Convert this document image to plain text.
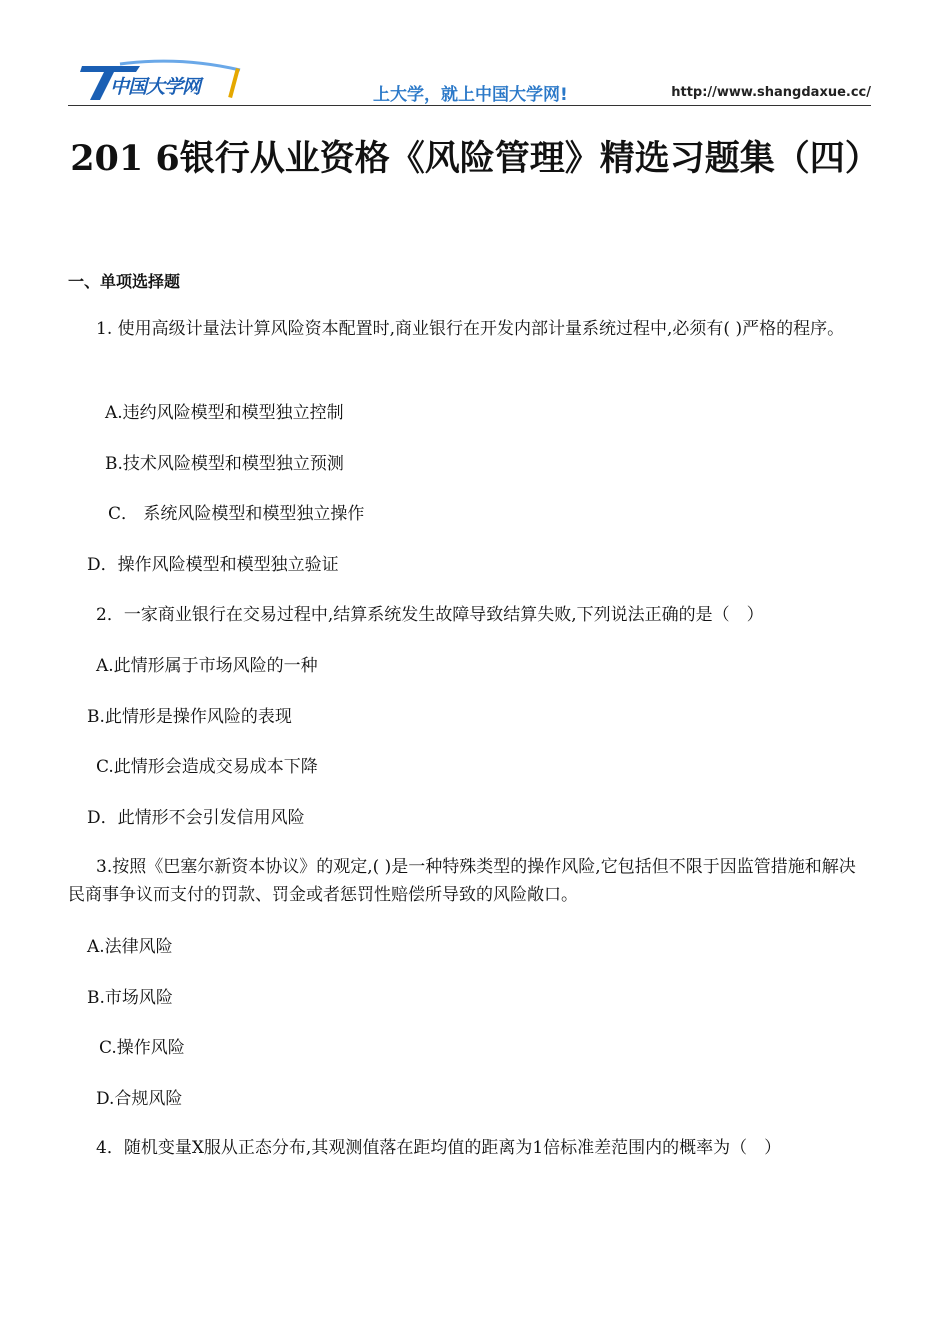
中国大学网	上大学，就上中国大学网!	http://www.shangdaxue.cc/
201 6银行从业资格《风险管理》精选习题集（四）
一、单项选择题
1. 使用高级计量法计算风险资本配置时,商业银行在开发内部计量系统过程中,必须有( )严格的程序。
A.违约风险模型和模型独立控制
B.技术风险模型和模型独立预测
C． 系统风险模型和模型独立操作
D．操作风险模型和模型独立验证
2．一家商业银行在交易过程中,结算系统发生故障导致结算失败,下列说法正确的是（　）
A.此情形属于市场风险的一种
B.此情形是操作风险的表现
C.此情形会造成交易成本下降
D．此情形不会引发信用风险
3.按照《巴塞尔新资本协议》的观定,( )是一种特殊类型的操作风险,它包括但不限于因监管措施和解决民商事争议而支付的罚款、罚金或者惩罚性赔偿所导致的风险敞口。
A.法律风险
B.市场风险
C.操作风险
D.合规风险
4．随机变量X服从正态分布,其观测值落在距均值的距离为1倍标准差范围内的概率为（　）
